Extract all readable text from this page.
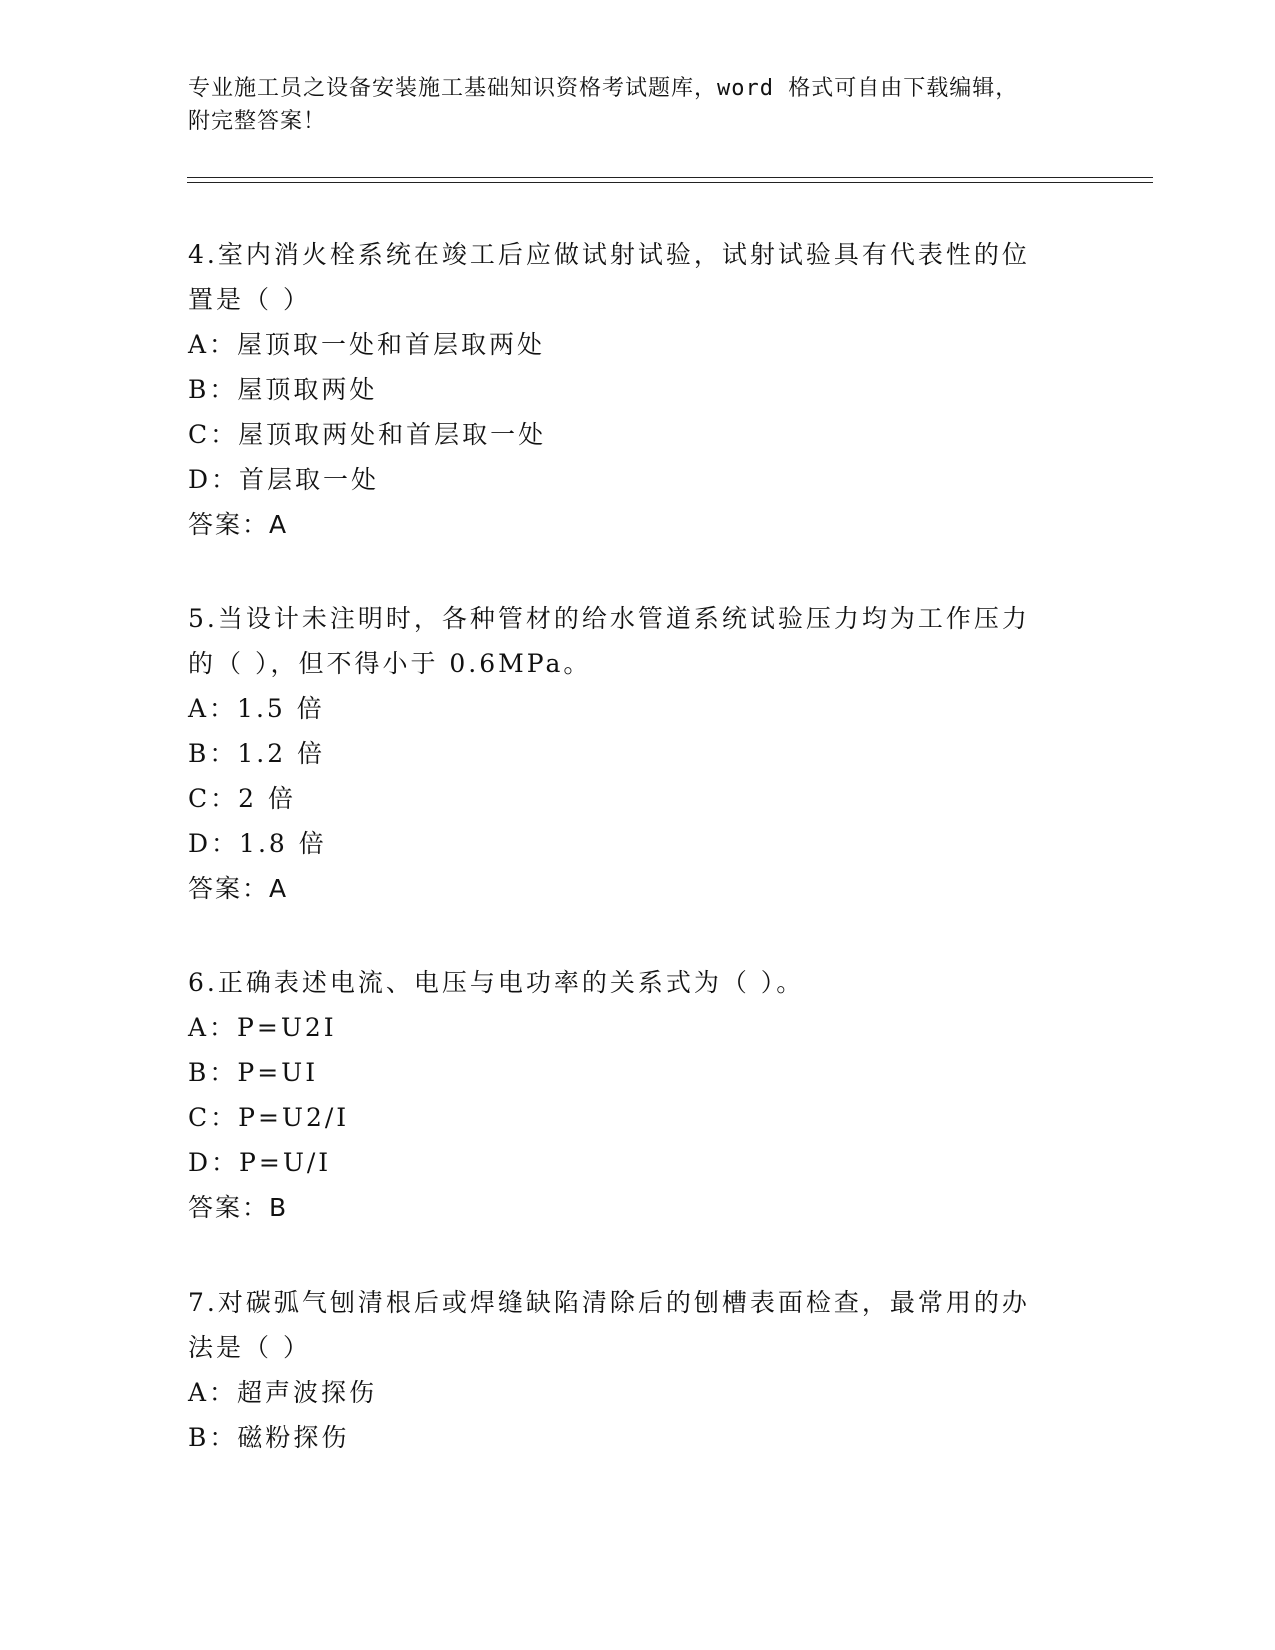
专业施工员之设备安装施工基础知识资格考试题库，word 格式可自由下载编辑，
附完整答案！
4.室内消火栓系统在竣工后应做试射试验，试射试验具有代表性的位
置是（ ）
A：屋顶取一处和首层取两处
B：屋顶取两处
C：屋顶取两处和首层取一处
D：首层取一处
答案：A
5.当设计未注明时，各种管材的给水管道系统试验压力均为工作压力
的（ ），但不得小于 0.6MPa。
A：1.5 倍
B：1.2 倍
C：2 倍
D：1.8 倍
答案：A
6.正确表述电流、电压与电功率的关系式为（ ）。
A：P=U2I
B：P=UI
C：P=U2/I
D：P=U/I
答案：B
7.对碳弧气刨清根后或焊缝缺陷清除后的刨槽表面检查，最常用的办
法是（ ）
A：超声波探伤
B：磁粉探伤
